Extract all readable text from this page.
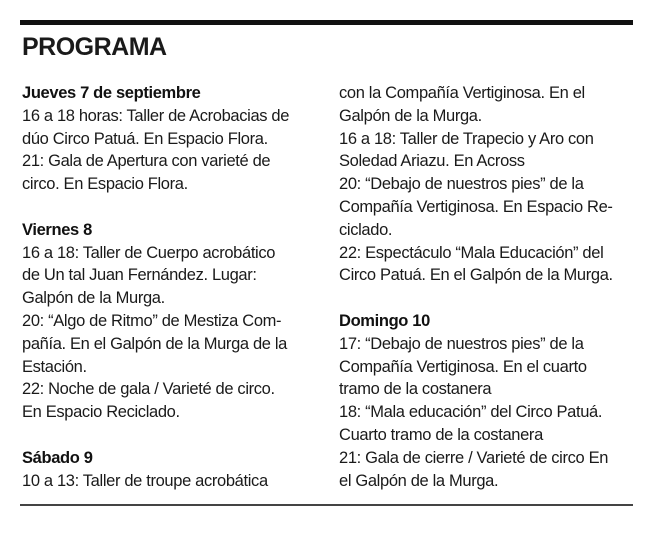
PROGRAMA
Jueves 7 de septiembre
16 a 18 horas: Taller de Acrobacias de
dúo Circo Patuá. En Espacio Flora.
21: Gala de Apertura con varieté de
circo. En Espacio Flora.
Viernes 8
16 a 18: Taller de Cuerpo acrobático
de Un tal Juan Fernández. Lugar:
Galpón de la Murga.
20: “Algo de Ritmo” de Mestiza Com-
pañía. En el Galpón de la Murga de la
Estación.
22: Noche de gala / Varieté de circo.
En Espacio Reciclado.
Sábado 9
10 a 13: Taller de troupe acrobática
con la Compañía Vertiginosa. En el
Galpón de la Murga.
16 a 18: Taller de Trapecio y Aro con
Soledad Ariazu. En Across
20: “Debajo de nuestros pies” de la
Compañía Vertiginosa. En Espacio Re-
ciclado.
22: Espectáculo “Mala Educación” del
Circo Patuá. En el Galpón de la Murga.
Domingo 10
17: “Debajo de nuestros pies” de la
Compañía Vertiginosa. En el cuarto
tramo de la costanera
18: “Mala educación” del Circo Patuá.
Cuarto tramo de la costanera
21: Gala de cierre / Varieté de circo En
el Galpón de la Murga.
